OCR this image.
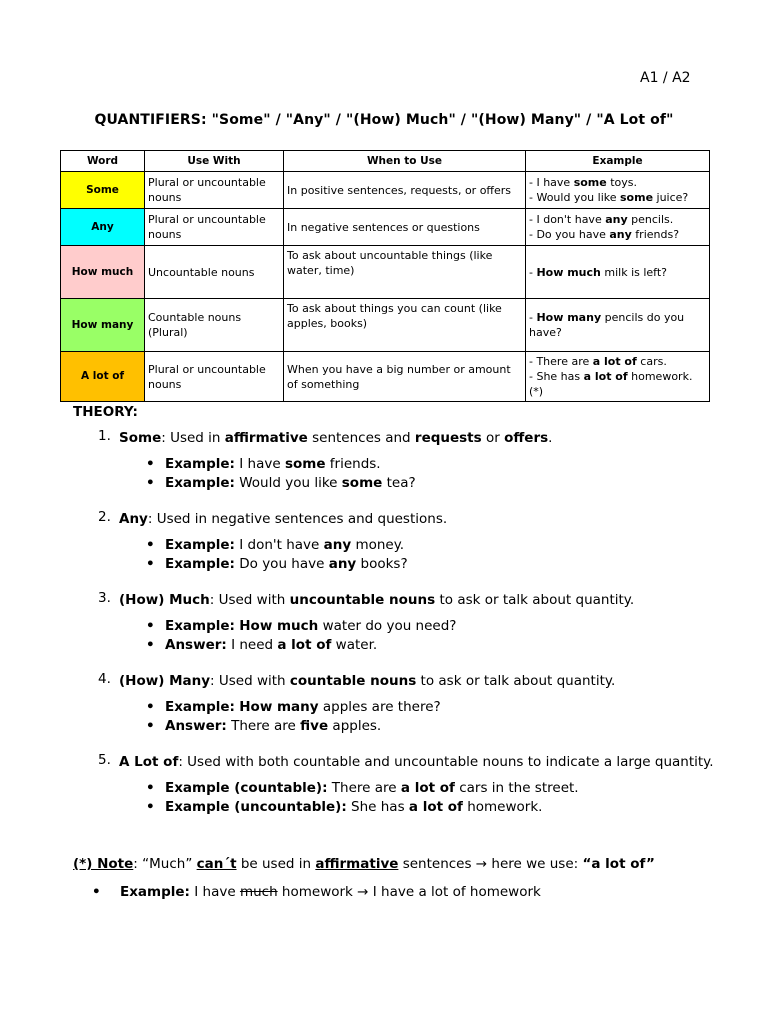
A1 / A2
QUANTIFIERS: "Some" / "Any" / "(How) Much" / "(How) Many" / "A Lot of"
Word	Use With	When to Use	Example
Some	Plural or uncountable nouns	In positive sentences, requests, or offers	- I have some toys.
- Would you like some juice?

Any	Plural or uncountable nouns	In negative sentences or questions	- I don't have any pencils.
- Do you have any friends?

How much	Uncountable nouns	To ask about uncountable things (like water, time)	- How much milk is left?

How many	Countable nouns (Plural)	To ask about things you can count (like apples, books)	- How many pencils do you have?

A lot of	Plural or uncountable nouns	When you have a big number or amount of something	- There are a lot of cars.
- She has a lot of homework.(*)
THEORY:
1. Some: Used in affirmative sentences and requests or offers.
• Example: I have some friends.
• Example: Would you like some tea?
2. Any: Used in negative sentences and questions.
• Example: I don't have any money.
• Example: Do you have any books?
3. (How) Much: Used with uncountable nouns to ask or talk about quantity.
• Example: How much water do you need?
• Answer: I need a lot of water.
4. (How) Many: Used with countable nouns to ask or talk about quantity.
• Example: How many apples are there?
• Answer: There are five apples.
5. A Lot of: Used with both countable and uncountable nouns to indicate a large quantity.
• Example (countable): There are a lot of cars in the street.
• Example (uncountable): She has a lot of homework.
(*) Note: “Much” can´t be used in affirmative sentences → here we use: “a lot of”
• Example: I have much homework → I have a lot of homework
